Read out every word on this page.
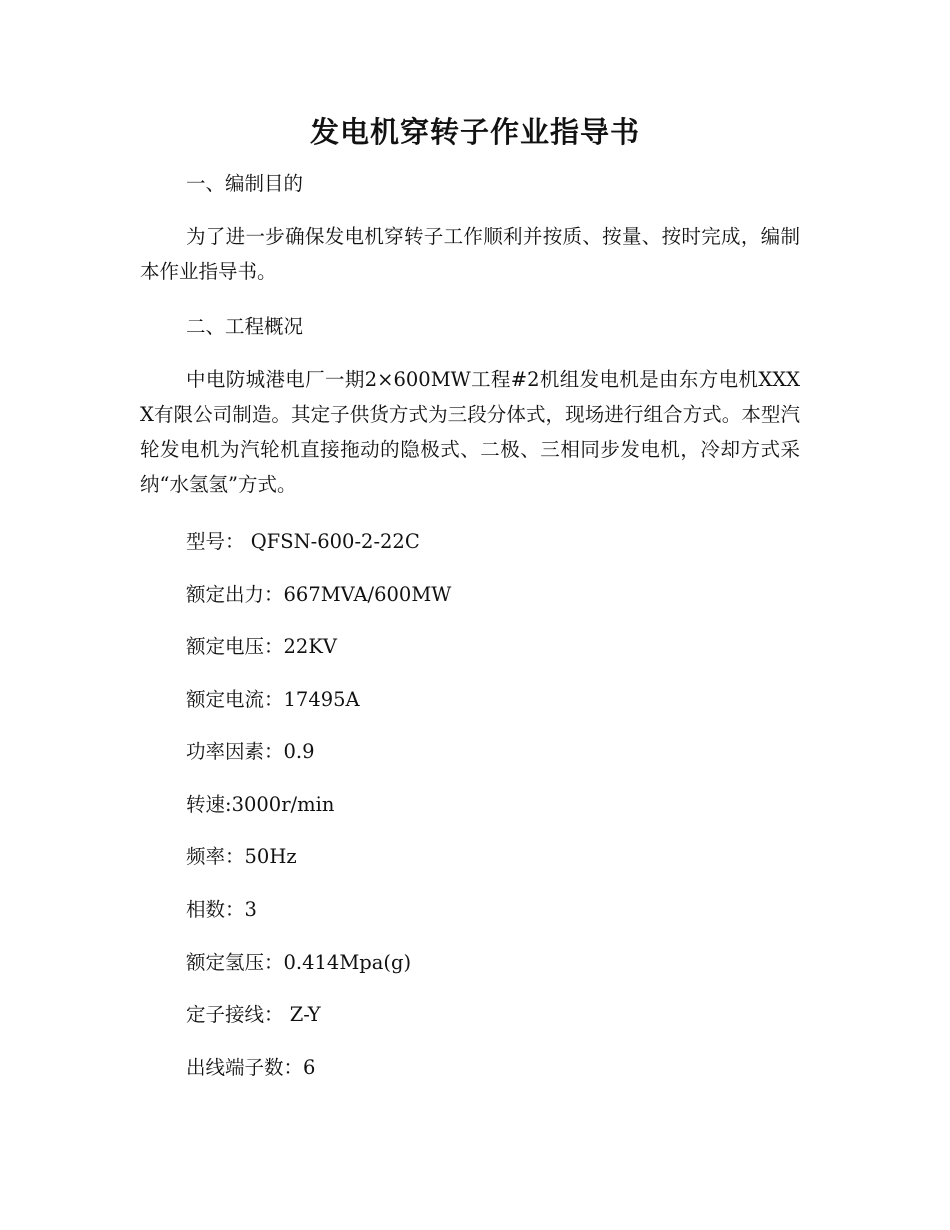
发电机穿转子作业指导书

一、编制目的

为了进一步确保发电机穿转子工作顺利并按质、按量、按时完成，编制本作业指导书。

二、工程概况

中电防城港电厂一期2×600MW工程#2机组发电机是由东方电机XXXX有限公司制造。其定子供货方式为三段分体式，现场进行组合方式。本型汽轮发电机为汽轮机直接拖动的隐极式、二极、三相同步发电机，冷却方式采纳“水氢氢”方式。

型号： QFSN-600-2-22C

额定出力：667MVA/600MW

额定电压：22KV

额定电流：17495A

功率因素：0.9

转速:3000r/min

频率：50Hz

相数：3

额定氢压：0.414Mpa(g)

定子接线： Z-Y

出线端子数：6
